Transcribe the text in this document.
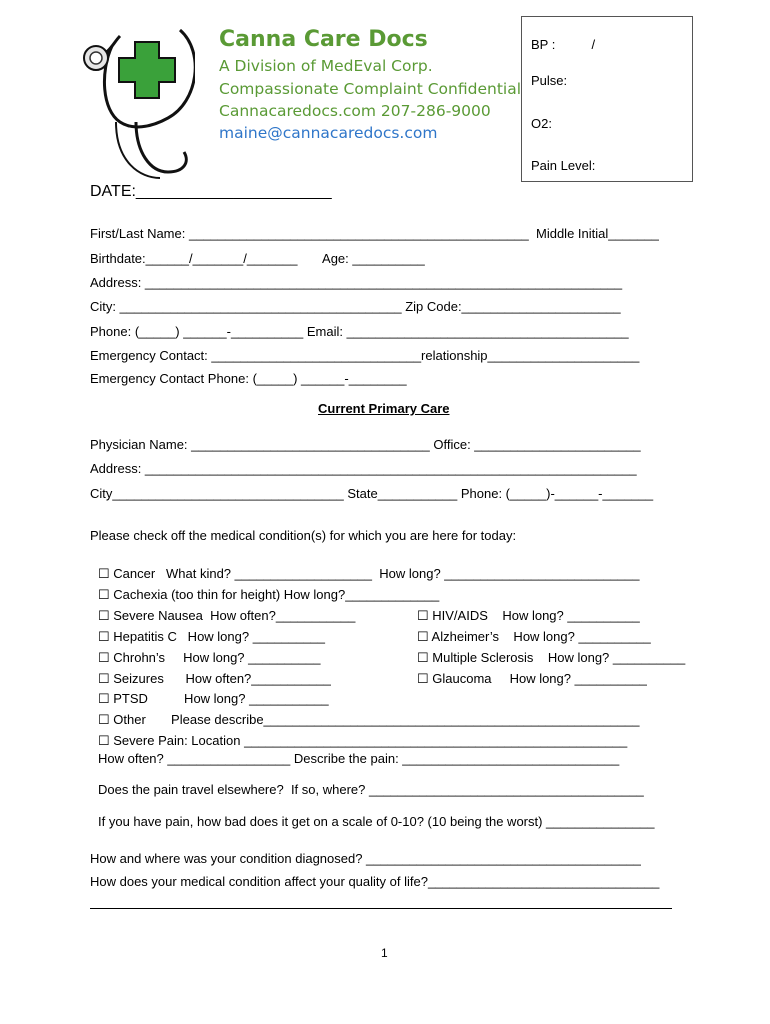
Canna Care Docs
A Division of MedEval Corp.
Compassionate Complaint Confidential
Cannacaredocs.com 207-286-9000
maine@cannacaredocs.com
BP :          /
Pulse:
O2:
Pain Level:
DATE:______________________
First/Last Name: _______________________________________________  Middle Initial_______
Birthdate:______/_______/_______       Age: __________
Address: __________________________________________________________________
City: _______________________________________ Zip Code:______________________
Phone: (_____) ______-__________ Email: _______________________________________
Emergency Contact: _____________________________relationship_____________________
Emergency Contact Phone: (_____) ______-________
Current Primary Care
Physician Name: _________________________________ Office: _______________________
Address: ____________________________________________________________________
City________________________________ State___________ Phone: (_____)-______-_______
Please check off the medical condition(s) for which you are here for today:
☐ Cancer   What kind? ___________________  How long? ___________________________
☐ Cachexia (too thin for height) How long?_____________
☐ Severe Nausea  How often?___________	☐ HIV/AIDS    How long? __________
☐ Hepatitis C   How long? __________	☐ Alzheimer’s    How long? __________
☐ Chrohn’s     How long? __________	☐ Multiple Sclerosis    How long? __________
☐ Seizures      How often?___________	☐ Glaucoma     How long? __________
☐ PTSD          How long? ___________
☐ Other       Please describe____________________________________________________
☐ Severe Pain: Location _____________________________________________________
How often? _________________ Describe the pain: ______________________________
Does the pain travel elsewhere?  If so, where? ______________________________________
If you have pain, how bad does it get on a scale of 0-10? (10 being the worst) _______________
How and where was your condition diagnosed? ______________________________________
How does your medical condition affect your quality of life?________________________________
1
